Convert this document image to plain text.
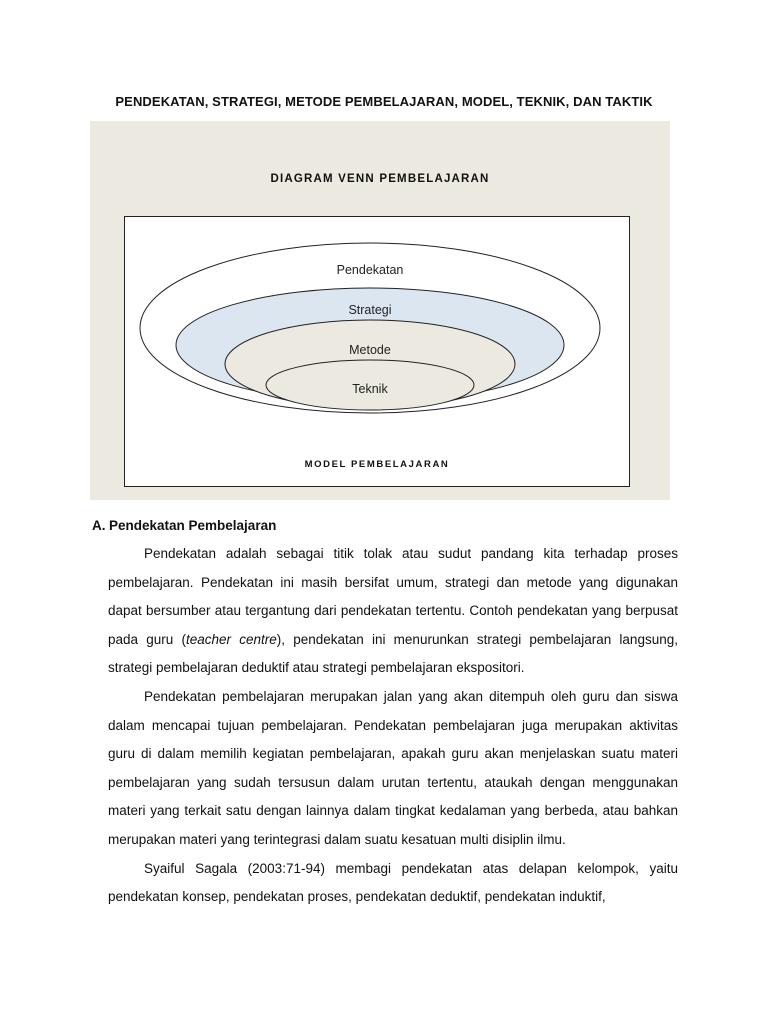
PENDEKATAN, STRATEGI, METODE PEMBELAJARAN, MODEL, TEKNIK, DAN TAKTIK
DIAGRAM VENN PEMBELAJARAN
Pendekatan
Strategi
Metode
Teknik
MODEL PEMBELAJARAN
A. Pendekatan Pembelajaran

Pendekatan adalah sebagai titik tolak atau sudut pandang kita terhadap proses pembelajaran. Pendekatan ini masih bersifat umum, strategi dan metode yang digunakan dapat bersumber atau tergantung dari pendekatan tertentu. Contoh pendekatan yang berpusat pada guru (teacher centre), pendekatan ini menurunkan strategi pembelajaran langsung, strategi pembelajaran deduktif atau strategi pembelajaran ekspositori.

Pendekatan pembelajaran merupakan jalan yang akan ditempuh oleh guru dan siswa dalam mencapai tujuan pembelajaran. Pendekatan pembelajaran juga merupakan aktivitas guru di dalam memilih kegiatan pembelajaran, apakah guru akan menjelaskan suatu materi pembelajaran yang sudah tersusun dalam urutan tertentu, ataukah dengan menggunakan materi yang terkait satu dengan lainnya dalam tingkat kedalaman yang berbeda, atau bahkan merupakan materi yang terintegrasi dalam suatu kesatuan multi disiplin ilmu.

Syaiful Sagala (2003:71-94) membagi pendekatan atas delapan kelompok, yaitu pendekatan konsep, pendekatan proses, pendekatan deduktif, pendekatan induktif,
